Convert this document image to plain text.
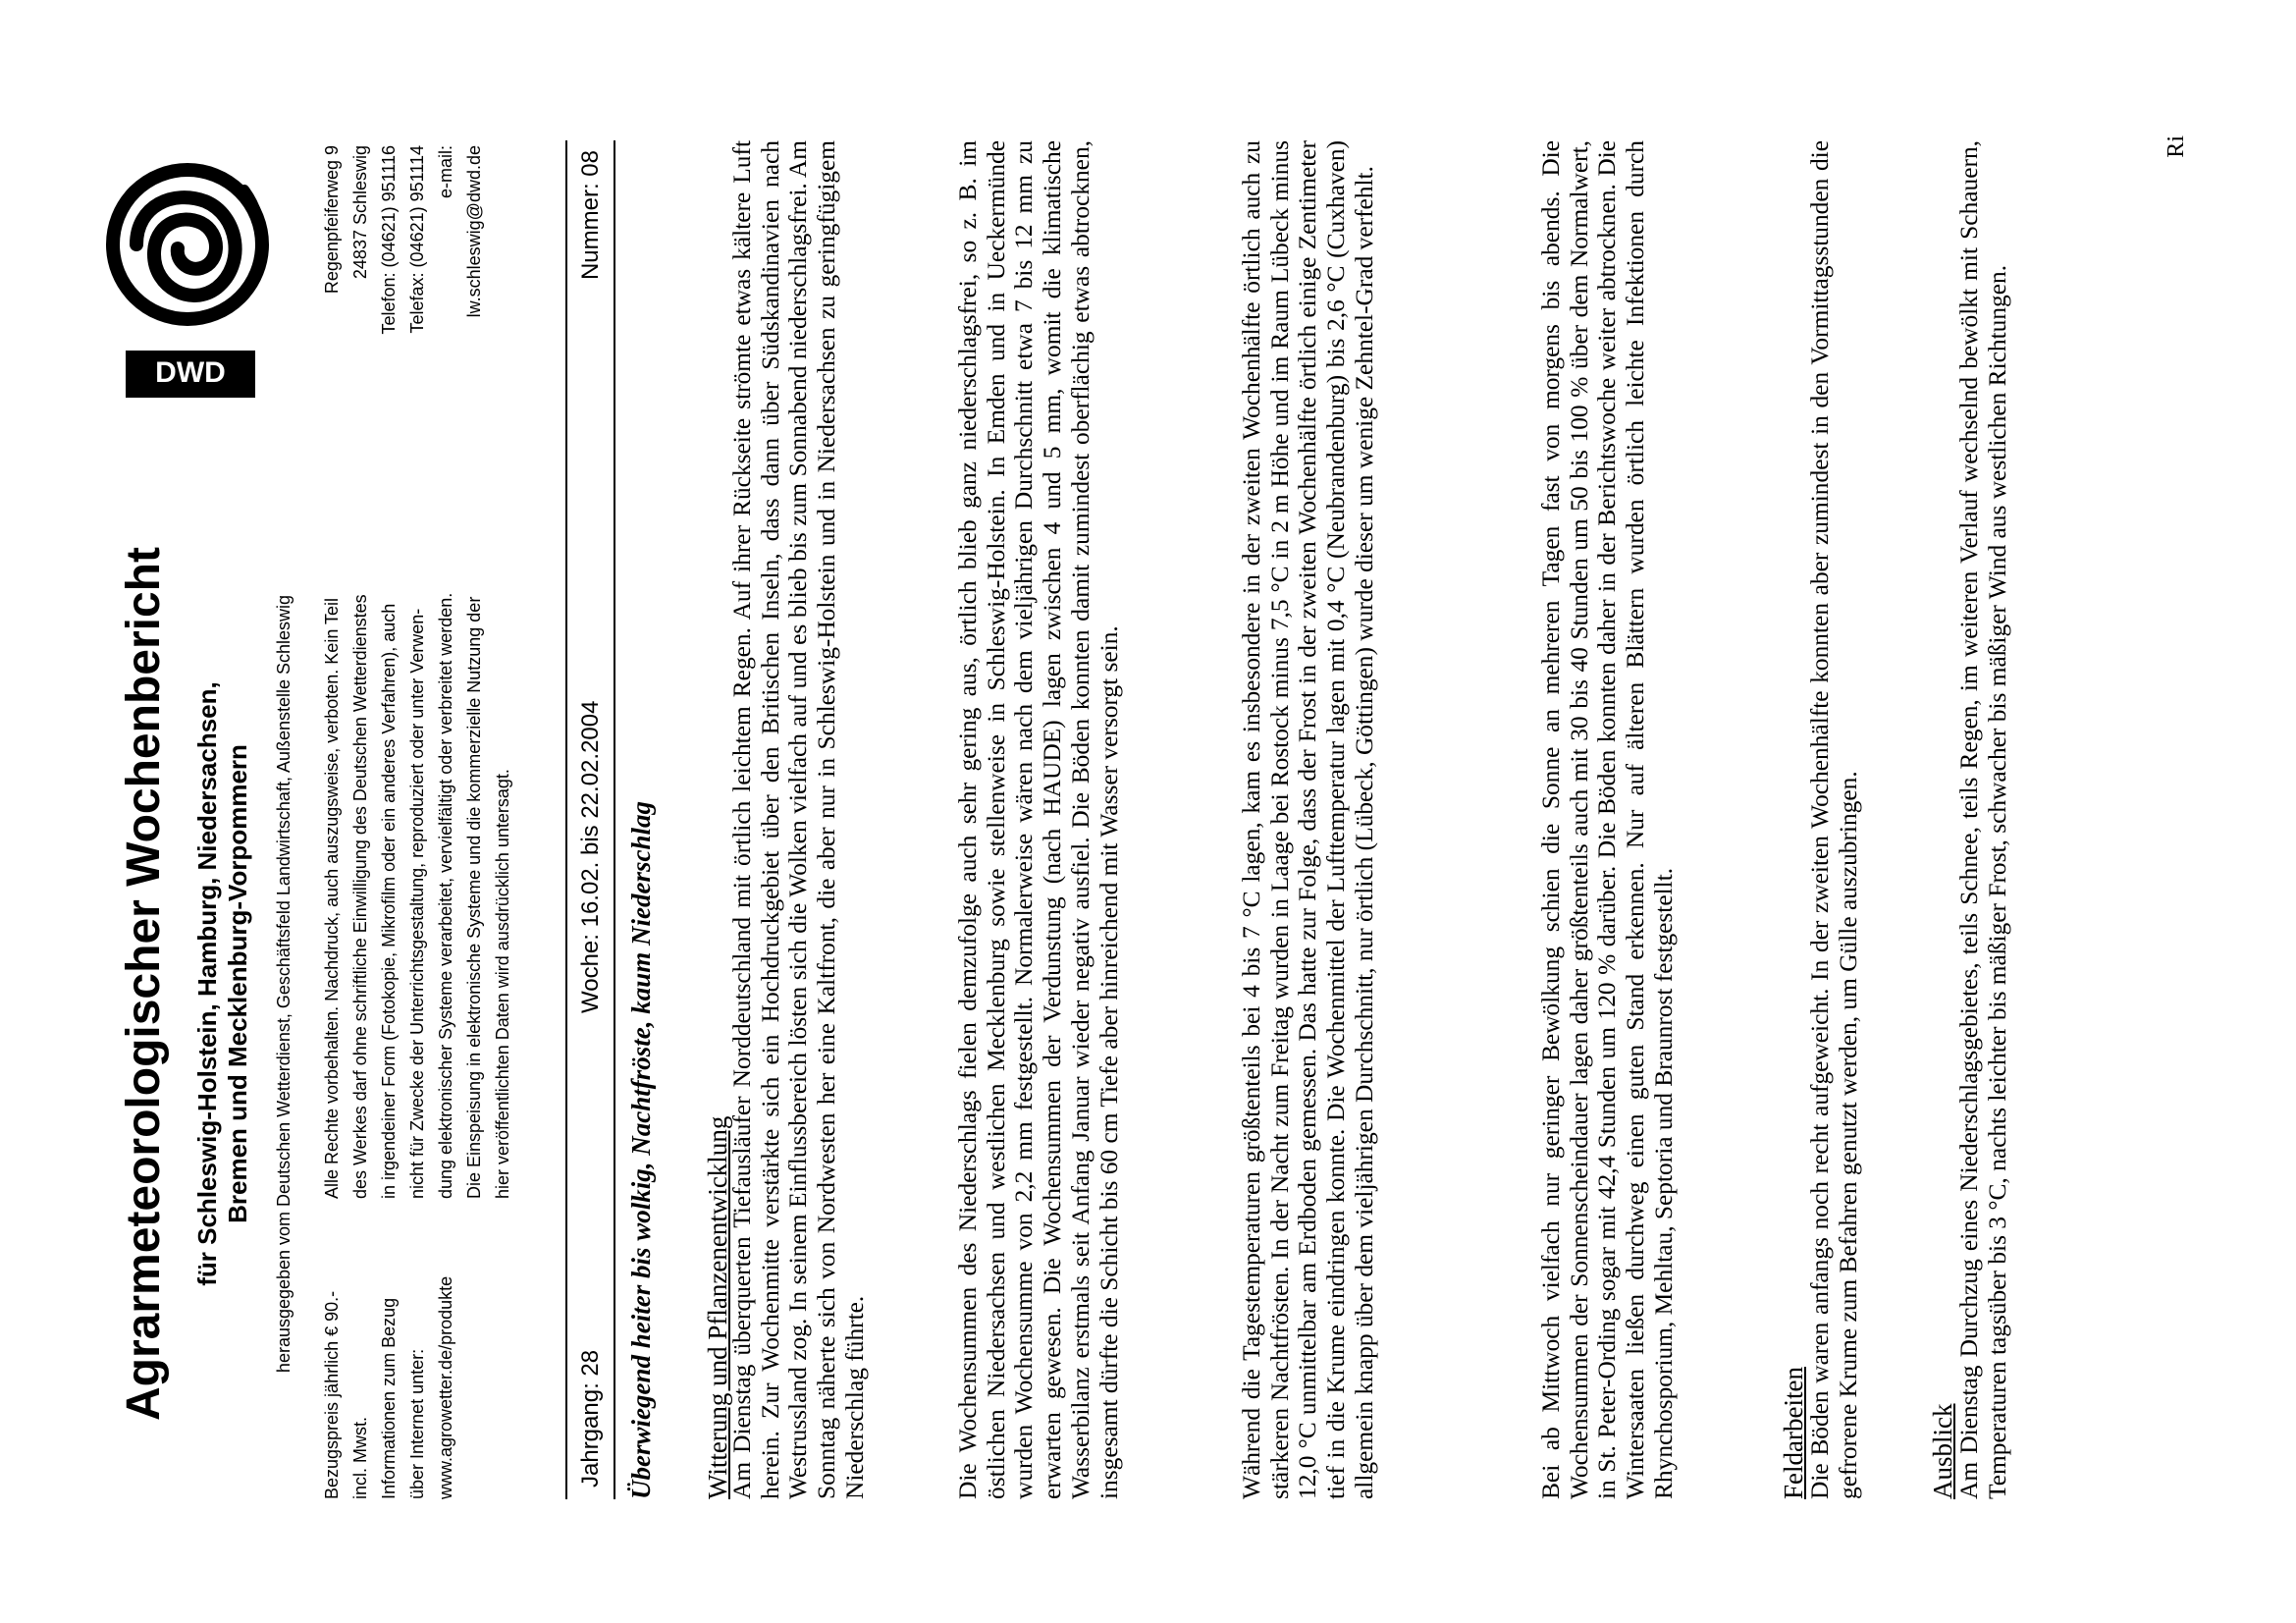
Agrarmeteorologischer Wochenbericht für Schleswig-Holstein, Hamburg, Niedersachsen, Bremen und Mecklenburg-Vorpommern herausgegeben vom Deutschen Wetterdienst, Geschäftsfeld Landwirtschaft, Außenstelle Schleswig
DWD
Bezugspreis jährlich € 90.- incl. Mwst. Informationen zum Bezug über Internet unter: www.agrowetter.de/produkte
Alle Rechte vorbehalten. Nachdruck, auch auszugsweise, verboten. Kein Teil des Werkes darf ohne schriftliche Einwilligung des Deutschen Wetterdienstes in irgendeiner Form (Fotokopie, Mikrofilm oder ein anderes Verfahren), auch nicht für Zwecke der Unterrichtsgestaltung, reproduziert oder unter Verwen- dung elektronischer Systeme verarbeitet, vervielfältigt oder verbreitet werden. Die Einspeisung in elektronische Systeme und die kommerzielle Nutzung der hier veröffentlichten Daten wird ausdrücklich untersagt.
Regenpfeiferweg 9 24837 Schleswig Telefon: (04621) 951116 Telefax: (04621) 951114 e-mail: lw.schleswig@dwd.de
Jahrgang: 28
Woche: 16.02. bis 22.02.2004
Nummer: 08
Überwiegend heiter bis wolkig, Nachtfröste, kaum Niederschlag Witterung und Pflanzenentwicklung
Am Dienstag überquerten Tiefausläufer Norddeutschland mit örtlich leichtem Regen. Auf ihrer Rückseite strömte etwas kältere Luft herein. Zur Wochenmitte verstärkte sich ein Hochdruckgebiet über den Britischen Inseln, dass dann über Südskandinavien nach Westrussland zog. In seinem Einflussbereich lösten sich die Wolken vielfach auf und es blieb bis zum Sonnabend niederschlagsfrei. Am Sonntag näherte sich von Nordwesten her eine Kaltfront, die aber nur in Schleswig-Holstein und in Niedersachsen zu geringfügigem Niederschlag führte.	Die Wochensummen des Niederschlags fielen demzufolge auch sehr gering aus, örtlich blieb ganz niederschlagsfrei, so z. B. im östlichen Niedersachsen und westlichen Mecklenburg sowie stellenweise in Schleswig-Holstein. In Emden und in Ueckermünde wurden Wochensumme von 2,2 mm festgestellt. Normalerweise wären nach dem vieljährigen Durchschnitt etwa 7 bis 12 mm zu erwarten gewesen. Die Wochensummen der Verdunstung (nach HAUDE) lagen zwischen 4 und 5 mm, womit die klimatische Wasserbilanz erstmals seit Anfang Januar wieder negativ ausfiel. Die Böden konnten damit zumindest oberflächig etwas abtrocknen, insgesamt dürfte die Schicht bis 60 cm Tiefe aber hinreichend mit Wasser versorgt sein.	Während die Tagestemperaturen größtenteils bei 4 bis 7 °C lagen, kam es insbesondere in der zweiten Wochenhälfte örtlich auch zu stärkeren Nachtfrösten. In der Nacht zum Freitag wurden in Laage bei Rostock minus 7,5 °C in 2 m Höhe und im Raum Lübeck minus 12,0 °C unmittelbar am Erdboden gemessen. Das hatte zur Folge, dass der Frost in der zweiten Wochenhälfte örtlich einige Zentimeter tief in die Krume eindringen konnte. Die Wochenmittel der Lufttemperatur lagen mit 0,4 °C (Neubrandenburg) bis 2,6 °C (Cuxhaven) allgemein knapp über dem vieljährigen Durchschnitt, nur örtlich (Lübeck, Göttingen) wurde dieser um wenige Zehntel-Grad verfehlt.	Bei ab Mittwoch vielfach nur geringer Bewölkung schien die Sonne an mehreren Tagen fast von morgens bis abends. Die Wochensummen der Sonnenscheindauer lagen daher größtenteils auch mit 30 bis 40 Stunden um 50 bis 100 % über dem Normalwert, in St. Peter-Ording sogar mit 42,4 Stunden um 120 % darüber. Die Böden konnten daher in der Berichtswoche weiter abtrocknen. Die Wintersaaten ließen durchweg einen guten Stand erkennen. Nur auf älteren Blättern wurden örtlich leichte Infektionen durch Rhynchosporium, Mehltau, Septoria und Braunrost festgestellt.	Feldarbeiten
Die Böden waren anfangs noch recht aufgeweicht. In der zweiten Wochenhälfte konnten aber zumindest in den Vormittagsstunden die gefrorene Krume zum Befahren genutzt werden, um Gülle auszubringen. Ausblick
Am Dienstag Durchzug eines Niederschlagsgebietes, teils Schnee, teils Regen, im weiteren Verlauf wechselnd bewölkt mit Schauern, Temperaturen tagsüber bis 3 °C, nachts leichter bis mäßiger Frost, schwacher bis mäßiger Wind aus westlichen Richtungen.
Ri
